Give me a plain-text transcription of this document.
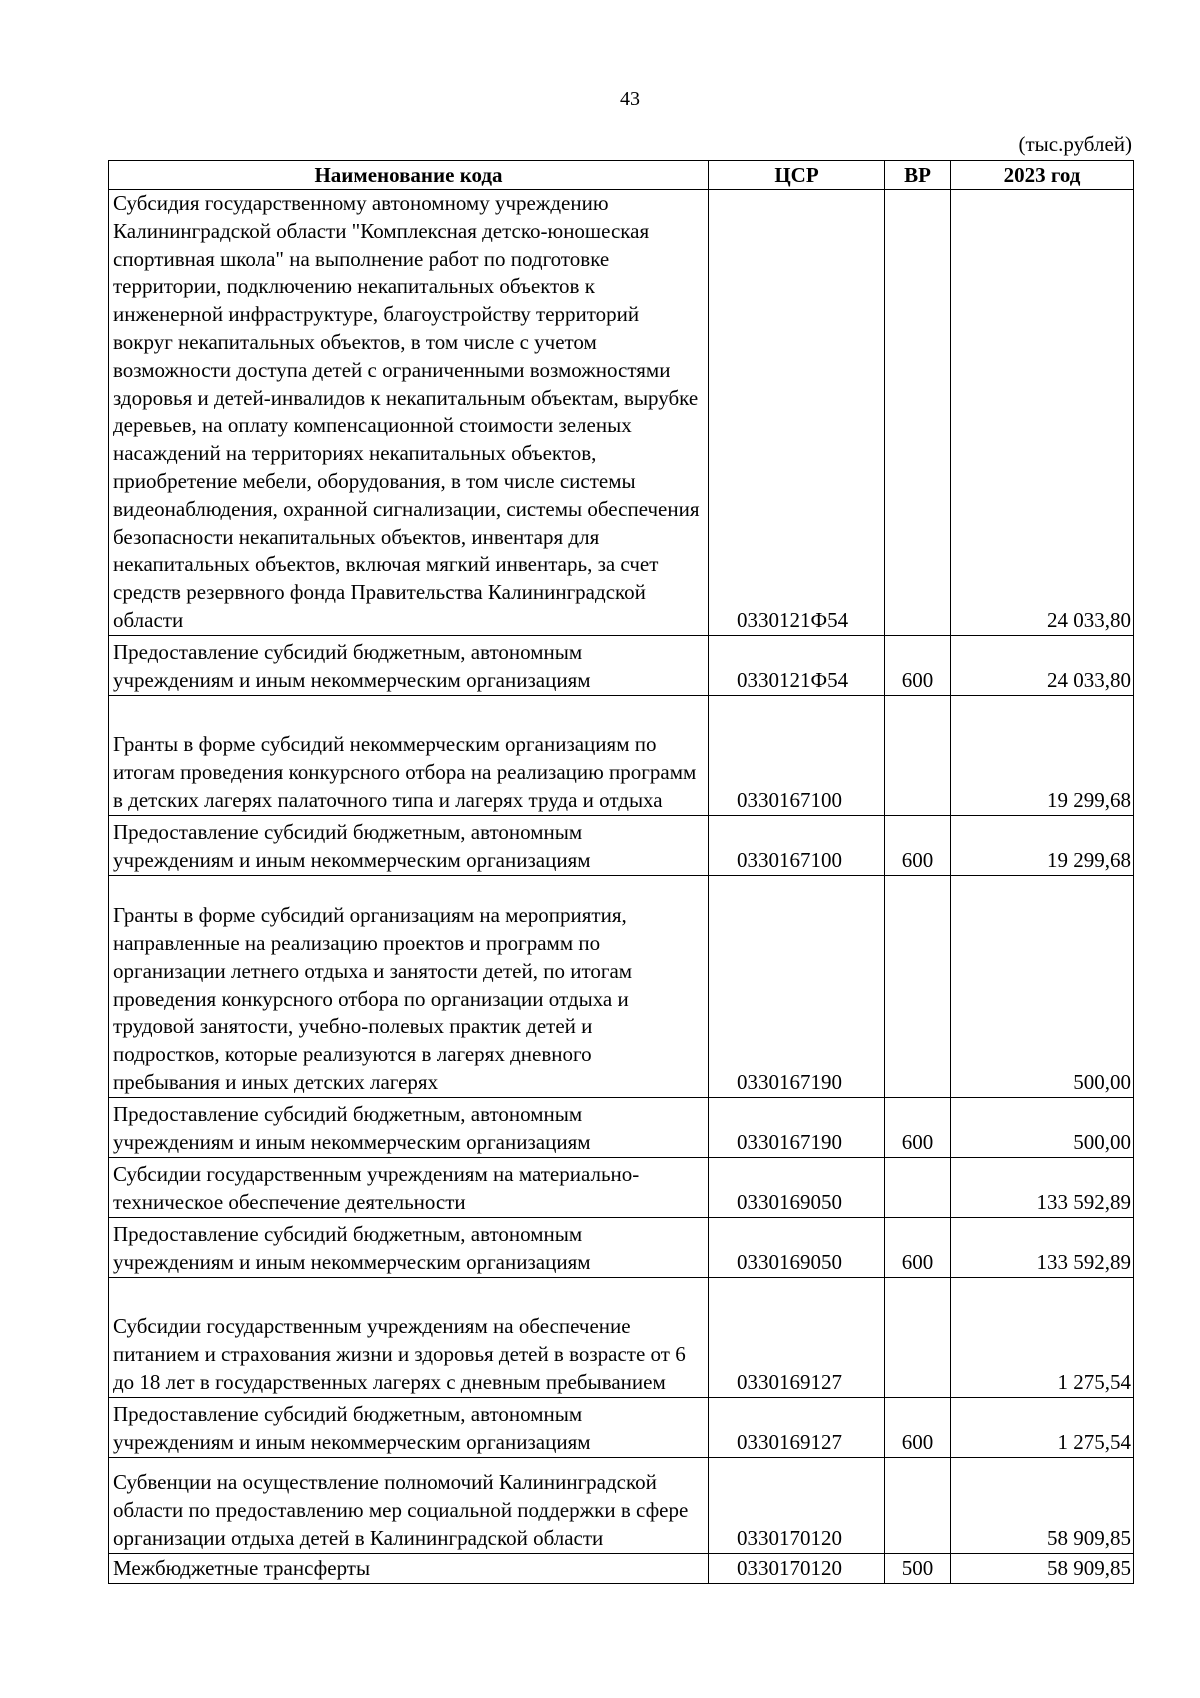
43
(тыс.рублей)
Наименование кода	ЦСР	ВР	2023 год
Субсидия государственному автономному учреждению Калининградской области "Комплексная детско-юношеская спортивная школа" на выполнение работ по подготовке территории, подключению некапитальных объектов к инженерной инфраструктуре, благоустройству территорий вокруг некапитальных объектов, в том числе с учетом возможности доступа детей с ограниченными возможностями здоровья и детей-инвалидов к некапитальным объектам, вырубке деревьев, на оплату компенсационной стоимости зеленых насаждений на территориях некапитальных объектов, приобретение мебели, оборудования, в том числе системы видеонаблюдения, охранной сигнализации, системы обеспечения безопасности некапитальных объектов, инвентаря для некапитальных объектов, включая мягкий инвентарь, за счет средств резервного фонда Правительства Калининградской области	0330121Ф54		24 033,80
Предоставление субсидий бюджетным, автономным учреждениям и иным некоммерческим организациям	0330121Ф54	600	24 033,80
Гранты в форме субсидий некоммерческим организациям по итогам проведения конкурсного отбора на реализацию программ в детских лагерях палаточного типа и лагерях труда и отдыха	0330167100		19 299,68
Предоставление субсидий бюджетным, автономным учреждениям и иным некоммерческим организациям	0330167100	600	19 299,68
Гранты в форме субсидий организациям на мероприятия, направленные на реализацию проектов и программ по организации летнего отдыха и занятости детей, по итогам проведения конкурсного отбора по организации отдыха и трудовой занятости, учебно-полевых практик детей и подростков, которые реализуются в лагерях дневного пребывания и иных детских лагерях	0330167190		500,00
Предоставление субсидий бюджетным, автономным учреждениям и иным некоммерческим организациям	0330167190	600	500,00
Субсидии государственным учреждениям на материально-техническое обеспечение деятельности	0330169050		133 592,89
Предоставление субсидий бюджетным, автономным учреждениям и иным некоммерческим организациям	0330169050	600	133 592,89
Субсидии государственным учреждениям на обеспечение питанием и страхования жизни и здоровья детей в возрасте от 6 до 18 лет в государственных лагерях с дневным пребыванием	0330169127		1 275,54
Предоставление субсидий бюджетным, автономным учреждениям и иным некоммерческим организациям	0330169127	600	1 275,54
Субвенции на осуществление полномочий Калининградской области по предоставлению мер социальной поддержки в сфере организации отдыха детей в Калининградской области	0330170120		58 909,85
Межбюджетные трансферты	0330170120	500	58 909,85
